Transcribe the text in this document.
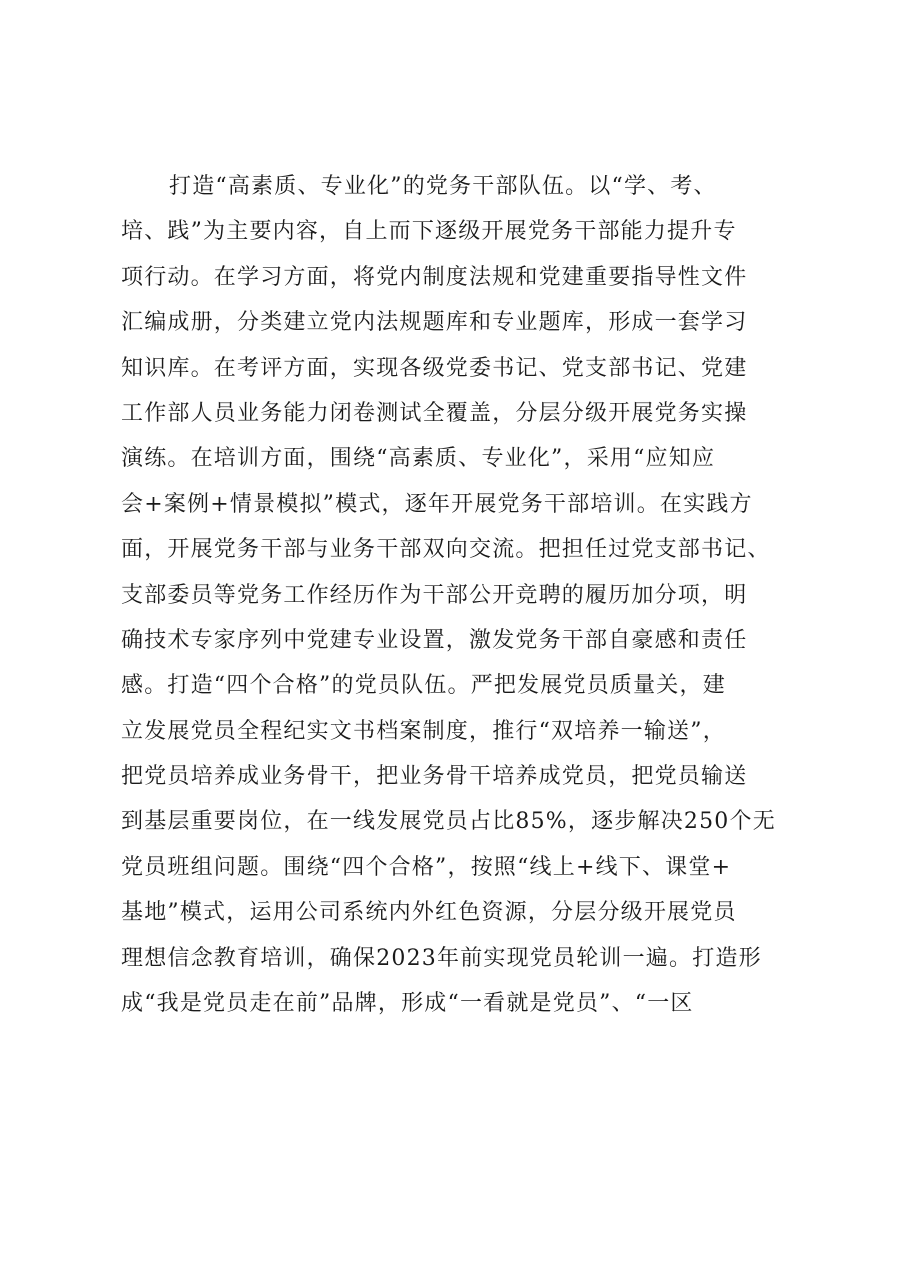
打造“高素质、专业化”的党务干部队伍。以“学、考、
培、践”为主要内容，自上而下逐级开展党务干部能力提升专
项行动。在学习方面，将党内制度法规和党建重要指导性文件
汇编成册，分类建立党内法规题库和专业题库，形成一套学习
知识库。在考评方面，实现各级党委书记、党支部书记、党建
工作部人员业务能力闭卷测试全覆盖，分层分级开展党务实操
演练。在培训方面，围绕“高素质、专业化”，采用“应知应
会+案例+情景模拟”模式，逐年开展党务干部培训。在实践方
面，开展党务干部与业务干部双向交流。把担任过党支部书记、
支部委员等党务工作经历作为干部公开竞聘的履历加分项，明
确技术专家序列中党建专业设置，激发党务干部自豪感和责任
感。打造“四个合格”的党员队伍。严把发展党员质量关，建
立发展党员全程纪实文书档案制度，推行“双培养一输送”，
把党员培养成业务骨干，把业务骨干培养成党员，把党员输送
到基层重要岗位，在一线发展党员占比85%，逐步解决250个无
党员班组问题。围绕“四个合格”，按照“线上+线下、课堂+
基地”模式，运用公司系统内外红色资源，分层分级开展党员
理想信念教育培训，确保2023年前实现党员轮训一遍。打造形
成“我是党员走在前”品牌，形成“一看就是党员”、“一区
